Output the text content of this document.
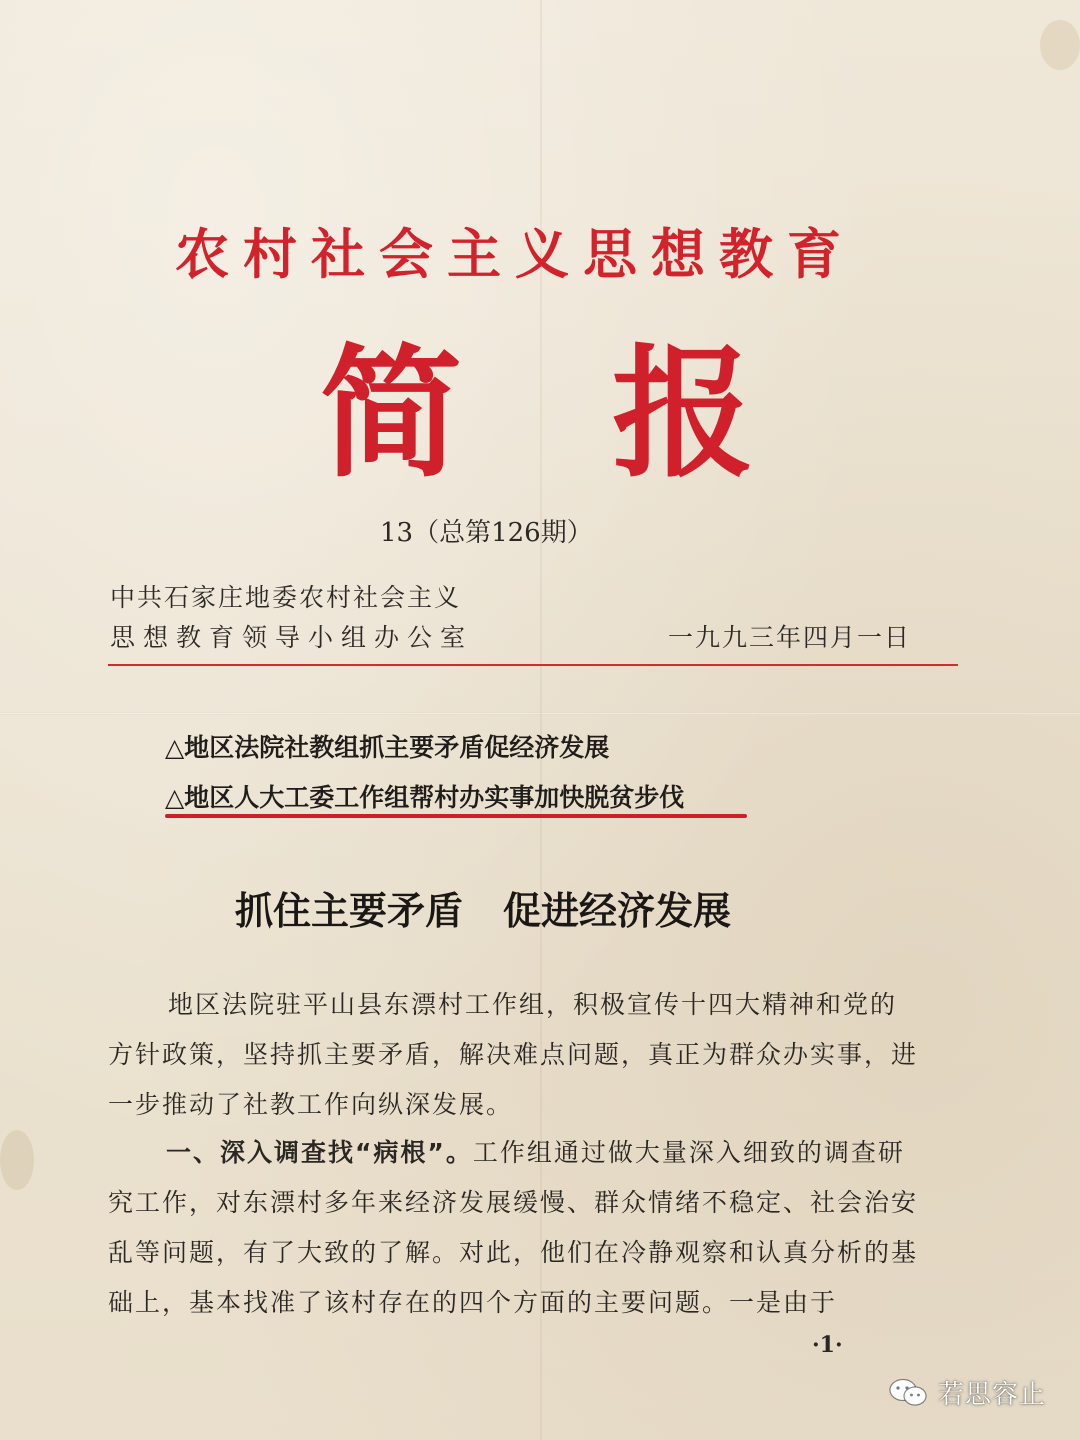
农村社会主义思想教育
简报
13（总第126期）
中共石家庄地委农村社会主义
思想教育领导小组办公室	一九九三年四月一日
△地区法院社教组抓主要矛盾促经济发展
△地区人大工委工作组帮村办实事加快脱贫步伐
抓住主要矛盾 促进经济发展
地区法院驻平山县东漂村工作组，积极宣传十四大精神和党的方针政策，坚持抓主要矛盾，解决难点问题，真正为群众办实事，进一步推动了社教工作向纵深发展。
一、深入调查找“病根”。工作组通过做大量深入细致的调查研究工作，对东漂村多年来经济发展缓慢、群众情绪不稳定、社会治安乱等问题，有了大致的了解。对此，他们在冷静观察和认真分析的基础上，基本找准了该村存在的四个方面的主要问题。一是由于
·1·
若思容止
